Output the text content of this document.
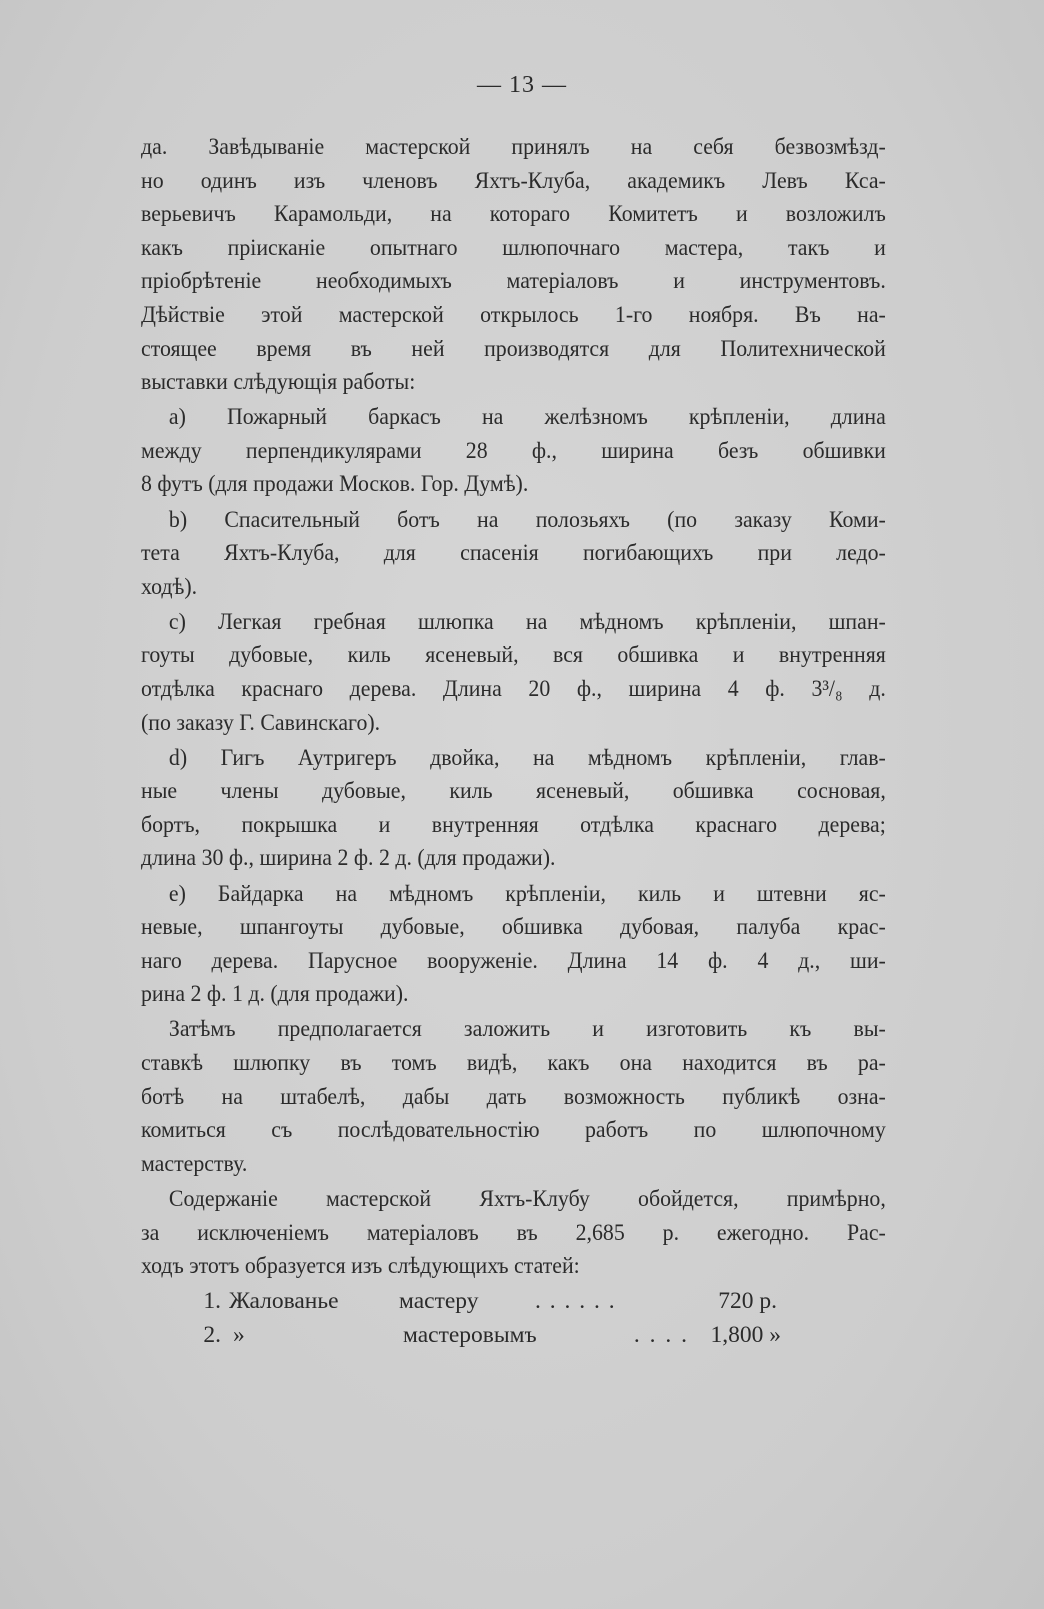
— 13 —
да. Завѣдываніе мастерской принялъ на себя безвозмѣзд-
но одинъ изъ членовъ Яхтъ-Клуба, академикъ Левъ Кса-
верьевичъ Карамольди, на котораго Комитетъ и возложилъ
какъ пріисканіе опытнаго шлюпочнаго мастера, такъ и
пріобрѣтеніе необходимыхъ матеріаловъ и инструментовъ.
Дѣйствіе этой мастерской открылось 1-го ноября. Въ на-
стоящее время въ ней производятся для Политехнической
выставки слѣдующія работы:
a) Пожарный баркасъ на желѣзномъ крѣпленіи, длина
между перпендикулярами 28 ф., ширина безъ обшивки
8 футъ (для продажи Москов. Гор. Думѣ).
b) Спасительный ботъ на полозьяхъ (по заказу Коми-
тета Яхтъ-Клуба, для спасенія погибающихъ при ледо-
ходѣ).
c) Легкая гребная шлюпка на мѣдномъ крѣпленіи, шпан-
гоуты дубовые, киль ясеневый, вся обшивка и внутренняя
отдѣлка краснаго дерева. Длина 20 ф., ширина 4 ф. 3³/₈ д.
(по заказу Г. Савинскаго).
d) Гигъ Аутригеръ двойка, на мѣдномъ крѣпленіи, глав-
ные члены дубовые, киль ясеневый, обшивка сосновая,
бортъ, покрышка и внутренняя отдѣлка краснаго дерева;
длина 30 ф., ширина 2 ф. 2 д. (для продажи).
e) Байдарка на мѣдномъ крѣпленіи, киль и штевни яс-
невые, шпангоуты дубовые, обшивка дубовая, палуба крас-
наго дерева. Парусное вооруженіе. Длина 14 ф. 4 д., ши-
рина 2 ф. 1 д. (для продажи).
Затѣмъ предполагается заложить и изготовить къ вы-
ставкѣ шлюпку въ томъ видѣ, какъ она находится въ ра-
ботѣ на штабелѣ, дабы дать возможность публикѣ озна-
комиться съ послѣдовательностію работъ по шлюпочному
мастерству.
Содержаніе мастерской Яхтъ-Клубу обойдется, примѣрно,
за исключеніемъ матеріаловъ въ 2,685 р. ежегодно. Рас-
ходъ этотъ образуется изъ слѣдующихъ статей:
1. Жалованье	мастеру	. . . . . .	720 р.
2. »	мастеровымъ	. . . . 1,800 »
